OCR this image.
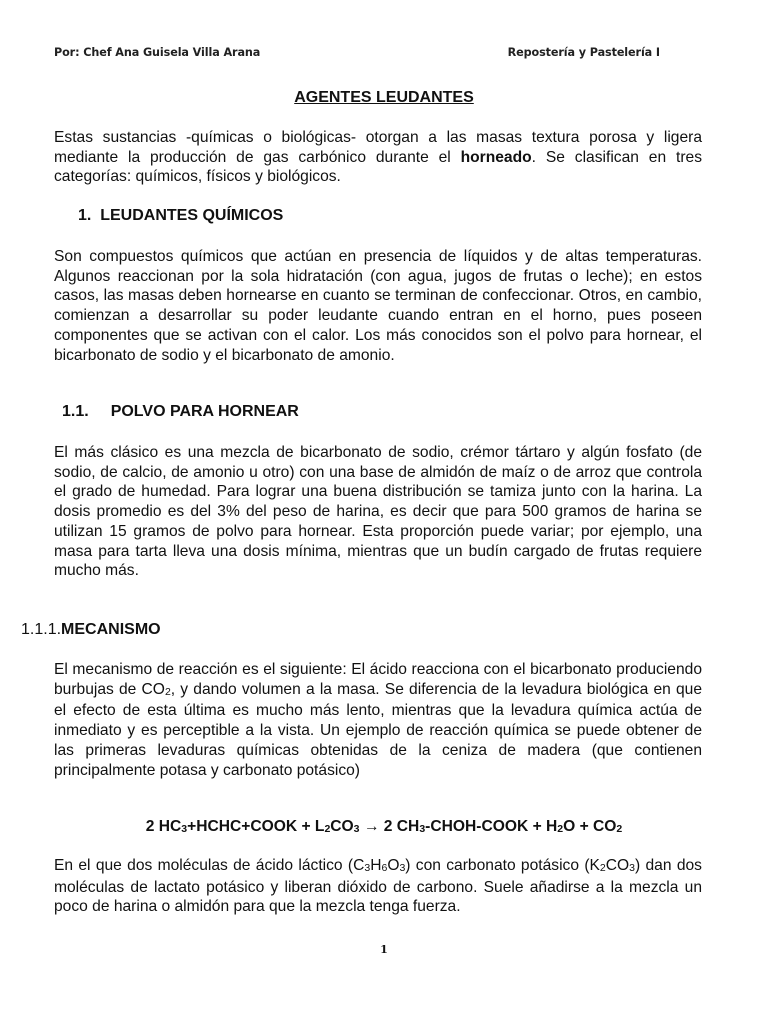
Por: Chef Ana Guisela Villa Arana	Repostería y Pastelería I
AGENTES LEUDANTES

Estas sustancias -químicas o biológicas- otorgan a las masas textura porosa y ligera mediante la producción de gas carbónico durante el horneado. Se clasifican en tres categorías: químicos, físicos y biológicos.

1. LEUDANTES QUÍMICOS

Son compuestos químicos que actúan en presencia de líquidos y de altas temperaturas. Algunos reaccionan por la sola hidratación (con agua, jugos de frutas o leche); en estos casos, las masas deben hornearse en cuanto se terminan de confeccionar. Otros, en cambio, comienzan a desarrollar su poder leudante cuando entran en el horno, pues poseen componentes que se activan con el calor. Los más conocidos son el polvo para hornear, el bicarbonato de sodio y el bicarbonato de amonio.

1.1. POLVO PARA HORNEAR

El más clásico es una mezcla de bicarbonato de sodio, crémor tártaro y algún fosfato (de sodio, de calcio, de amonio u otro) con una base de almidón de maíz o de arroz que controla el grado de humedad. Para lograr una buena distribución se tamiza junto con la harina. La dosis promedio es del 3% del peso de harina, es decir que para 500 gramos de harina se utilizan 15 gramos de polvo para hornear. Esta proporción puede variar; por ejemplo, una masa para tarta lleva una dosis mínima, mientras que un budín cargado de frutas requiere mucho más.

1.1.1.MECANISMO

El mecanismo de reacción es el siguiente: El ácido reacciona con el bicarbonato produciendo burbujas de $CO_2$, y dando volumen a la masa. Se diferencia de la levadura biológica en que el efecto de esta última es mucho más lento, mientras que la levadura química actúa de inmediato y es perceptible a la vista. Un ejemplo de reacción química se puede obtener de las primeras levaduras químicas obtenidas de la ceniza de madera (que contienen principalmente potasa y carbonato potásico)

2 $HC_3+HCHC+COOK + L_2CO_3 \to 2$ $CH_3-CHOH$-COOK + $H_2O + CO_2$

En el que dos moléculas de ácido láctico $(C_3H_6O_3)$ con carbonato potásico $(K_2CO_3)$ dan dos moléculas de lactato potásico y liberan dióxido de carbono. Suele añadirse a la mezcla un poco de harina o almidón para que la mezcla tenga fuerza.

1
